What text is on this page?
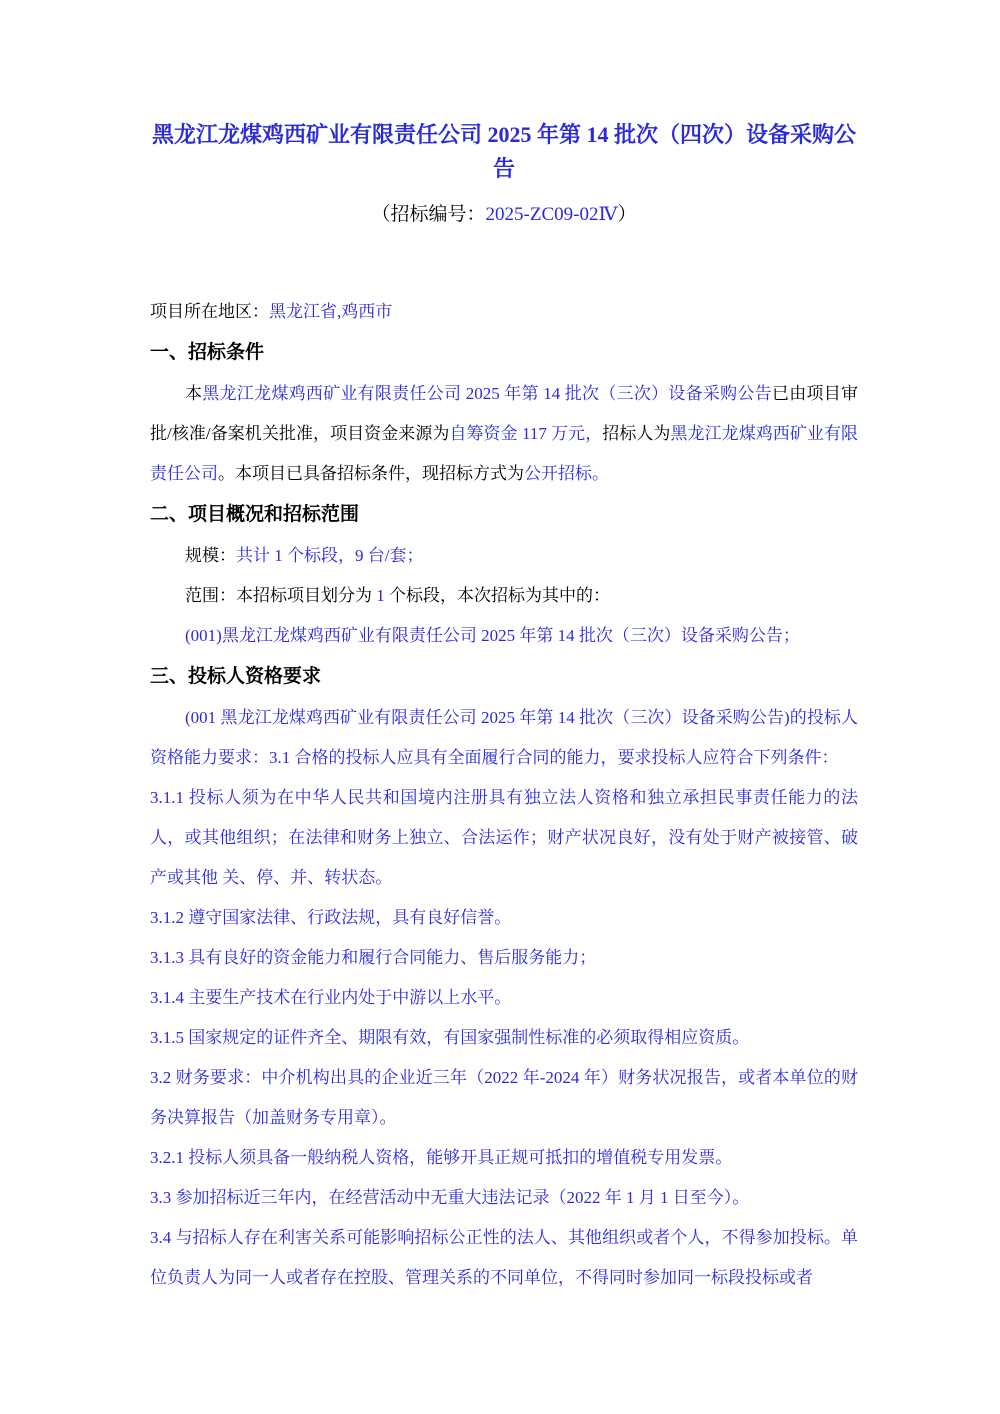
黑龙江龙煤鸡西矿业有限责任公司 2025 年第 14 批次（四次）设备采购公告
（招标编号：2025-ZC09-02Ⅳ）

项目所在地区：黑龙江省,鸡西市

一、招标条件

本黑龙江龙煤鸡西矿业有限责任公司 2025 年第 14 批次（三次）设备采购公告已由项目审批/核准/备案机关批准，项目资金来源为自筹资金 117 万元，招标人为黑龙江龙煤鸡西矿业有限责任公司。本项目已具备招标条件，现招标方式为公开招标。

二、项目概况和招标范围

规模：共计 1 个标段，9 台/套；

范围：本招标项目划分为 1 个标段，本次招标为其中的：

(001)黑龙江龙煤鸡西矿业有限责任公司 2025 年第 14 批次（三次）设备采购公告；

三、投标人资格要求

(001 黑龙江龙煤鸡西矿业有限责任公司 2025 年第 14 批次（三次）设备采购公告)的投标人资格能力要求：3.1 合格的投标人应具有全面履行合同的能力，要求投标人应符合下列条件：

3.1.1 投标人须为在中华人民共和国境内注册具有独立法人资格和独立承担民事责任能力的法人，或其他组织；在法律和财务上独立、合法运作；财产状况良好，没有处于财产被接管、破产或其他 关、停、并、转状态。

3.1.2 遵守国家法律、行政法规，具有良好信誉。

3.1.3 具有良好的资金能力和履行合同能力、售后服务能力；

3.1.4 主要生产技术在行业内处于中游以上水平。

3.1.5 国家规定的证件齐全、期限有效，有国家强制性标准的必须取得相应资质。

3.2 财务要求：中介机构出具的企业近三年（2022 年-2024 年）财务状况报告，或者本单位的财务决算报告（加盖财务专用章）。

3.2.1 投标人须具备一般纳税人资格，能够开具正规可抵扣的增值税专用发票。

3.3 参加招标近三年内，在经营活动中无重大违法记录（2022 年 1 月 1 日至今）。

3.4 与招标人存在利害关系可能影响招标公正性的法人、其他组织或者个人，不得参加投标。单位负责人为同一人或者存在控股、管理关系的不同单位，不得同时参加同一标段投标或者
